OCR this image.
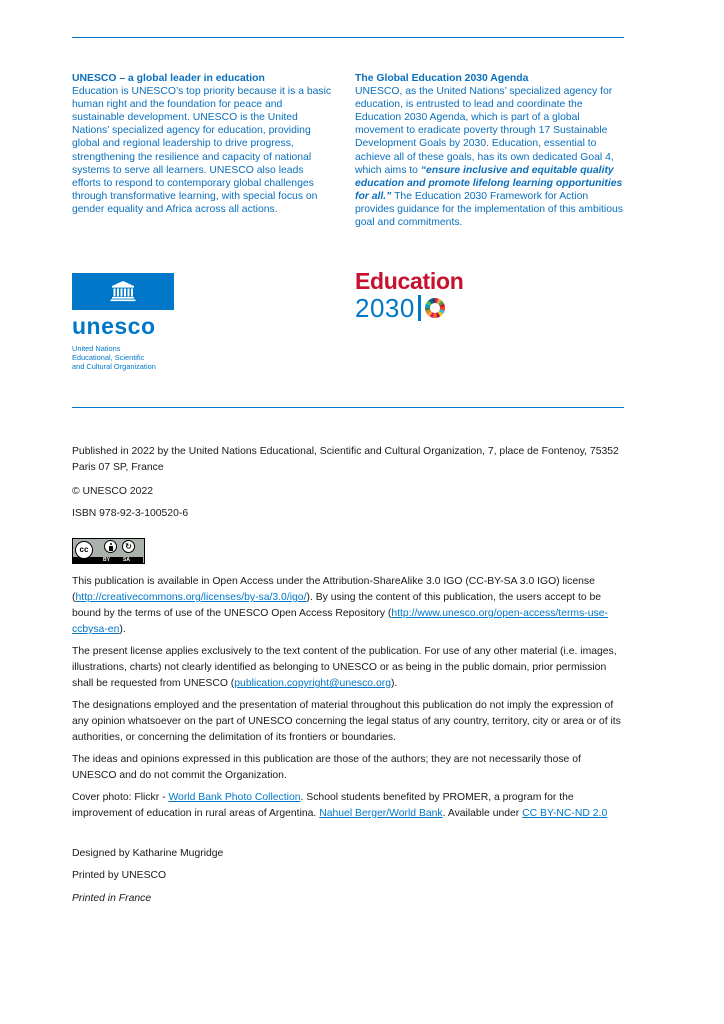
UNESCO – a global leader in education

Education is UNESCO’s top priority because it is a basic human right and the foundation for peace and sustainable development. UNESCO is the United Nations’ specialized agency for education, providing global and regional leadership to drive progress, strengthening the resilience and capacity of national systems to serve all learners. UNESCO also leads efforts to respond to contemporary global challenges through transformative learning, with special focus on gender equality and Africa across all actions.

The Global Education 2030 Agenda

UNESCO, as the United Nations’ specialized agency for education, is entrusted to lead and coordinate the Education 2030 Agenda, which is part of a global movement to eradicate poverty through 17 Sustainable Development Goals by 2030. Education, essential to achieve all of these goals, has its own dedicated Goal 4, which aims to “ensure inclusive and equitable quality education and promote lifelong learning opportunities for all.” The Education 2030 Framework for Action provides guidance for the implementation of this ambitious goal and commitments.

unesco
United Nations
Educational, Scientific
and Cultural Organization
Education
2030
Published in 2022 by the United Nations Educational, Scientific and Cultural Organization, 7, place de Fontenoy, 75352 Paris 07 SP, France
© UNESCO 2022
ISBN 978-92-3-100520-6
cc	↻
BY	SA
This publication is available in Open Access under the Attribution-ShareAlike 3.0 IGO (CC-BY-SA 3.0 IGO) license (http://creativecommons.org/licenses/by-sa/3.0/igo/). By using the content of this publication, the users accept to be bound by the terms of use of the UNESCO Open Access Repository (http://www.unesco.org/open-access/terms-use-ccbysa-en).
The present license applies exclusively to the text content of the publication. For use of any other material (i.e. images, illustrations, charts) not clearly identified as belonging to UNESCO or as being in the public domain, prior permission shall be requested from UNESCO (publication.copyright@unesco.org).
The designations employed and the presentation of material throughout this publication do not imply the expression of any opinion whatsoever on the part of UNESCO concerning the legal status of any country, territory, city or area or of its authorities, or concerning the delimitation of its frontiers or boundaries.
The ideas and opinions expressed in this publication are those of the authors; they are not necessarily those of UNESCO and do not commit the Organization.
Cover photo: Flickr - World Bank Photo Collection. School students benefited by PROMER, a program for the improvement of education in rural areas of Argentina. Nahuel Berger/World Bank. Available under CC BY-NC-ND 2.0
Designed by Katharine Mugridge
Printed by UNESCO
Printed in France
